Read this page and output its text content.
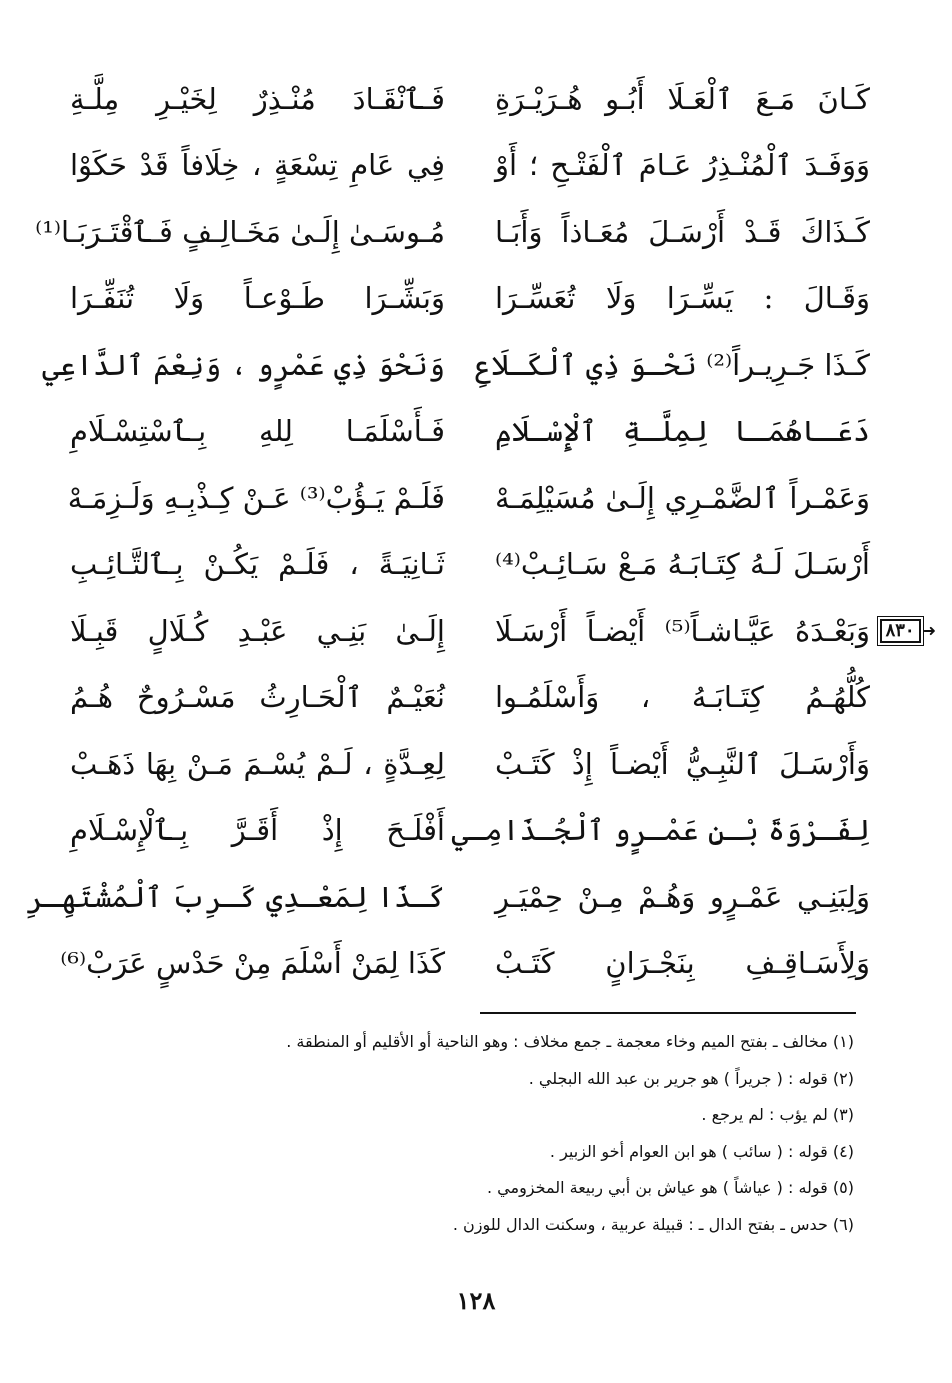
كَـانَ مَـعَ ٱلْعَـلَا أَبُـو هُـرَيْـرَةِ
فَـٱنْقَـادَ مُنْـذِرٌ لِخَيْـرِ مِلَّـةِ
وَوَفَـدَ ٱلْمُنْـذِرُ عَـامَ ٱلْفَتْـحِ ؛ أَوْ
فِي عَامِ تِسْعَةٍ ، خِلَافاً قَدْ حَكَوْا
كَـذَاكَ قَـدْ أَرْسَـلَ مُعَـاذاً وَأَبَـا
مُـوسَـىٰ إِلَـىٰ مَخَـالِـفٍ فَـٱقْتَـرَبَـا⁽¹⁾
وَقَـالَ : يَسِّـرَا وَلَا تُعَسِّـرَا
وَبَشِّـرَا طَـوْعـاً وَلَا تُنَفِّـرَا
كَـذَا جَـرِيـراً⁽²⁾ نَحْـوَ ذِي ٱلْكَـلَاعِ
وَنَحْوَ ذِي عَمْرٍو ، وَنِعْمَ ٱلدَّاعِي
دَعَـاهُمَـا لِمِلَّـةِ ٱلْإِسْـلَامِ
فَـأَسْلَمَـا لِلهِ بِـٱسْتِسْـلَامِ
وَعَمْـراً ٱلضَّمْـرِي إِلَـىٰ مُسَيْلِمَـهْ
فَلَـمْ يَـؤُبْ⁽³⁾ عَـنْ كِـذْبِـهِ وَلَـزِمَـهْ
أَرْسَـلَ لَـهُ كِتَـابَـهُ مَـعْ سَـائِـبْ⁽⁴⁾
ثَـانِيَـةً ، فَلَـمْ يَكُـنْ بِـٱلتَّـائِـبِ
وَبَعْـدَهُ عَيَّـاشـاً⁽⁵⁾ أَيْضـاً أَرْسَـلَا
إِلَـىٰ بَنِـي عَبْـدِ كُـلَالٍ قَبِـلَا	٨٣٠ ➜
كُلُّهُـمُ كِتَـابَـهُ ، وَأَسْلَمُـوا
نُعَيْـمٌ ٱلْحَـارِثُ مَسْـرُوحٌ هُـمُ
وَأَرْسَـلَ ٱلنَّبِـيُّ أَيْضـاً إِذْ كَتَـبْ
لِعِـدَّةٍ ، لَـمْ يُسْـمَ مَـنْ بِهَا ذَهَـبْ
لِفَـرْوَةَ بْـنِ عَمْـرٍو ٱلْجُـذَامِـي
أَفْلَـحَ إِذْ أَقَـرَّ بِـٱلْإِسْـلَامِ
وَلِبَنِـي عَمْـرٍو وَهُـمْ مِـنْ حِمْيَـرِ
كَـذَا لِمَعْـدِي كَـرِبَ ٱلْمُشْتَهِـرِ
وَلِأَسَـاقِـفِ بِنَجْـرَانٍ كَتَـبْ
كَذَا لِمَنْ أَسْلَمَ مِنْ حَدْسٍ عَرَبْ⁽⁶⁾
(١) مخالف ـ بفتح الميم وخاء معجمة ـ جمع مخلاف : وهو الناحية أو الأقليم أو المنطقة .
(٢) قوله : ( جريراً ) هو جرير بن عبد الله البجلي .
(٣) لم يؤب : لم يرجع .
(٤) قوله : ( سائب ) هو ابن العوام أخو الزبير .
(٥) قوله : ( عياشاً ) هو عياش بن أبي ربيعة المخزومي .
(٦) حدس ـ بفتح الدال ـ : قبيلة عربية ، وسكنت الدال للوزن .
١٢٨
